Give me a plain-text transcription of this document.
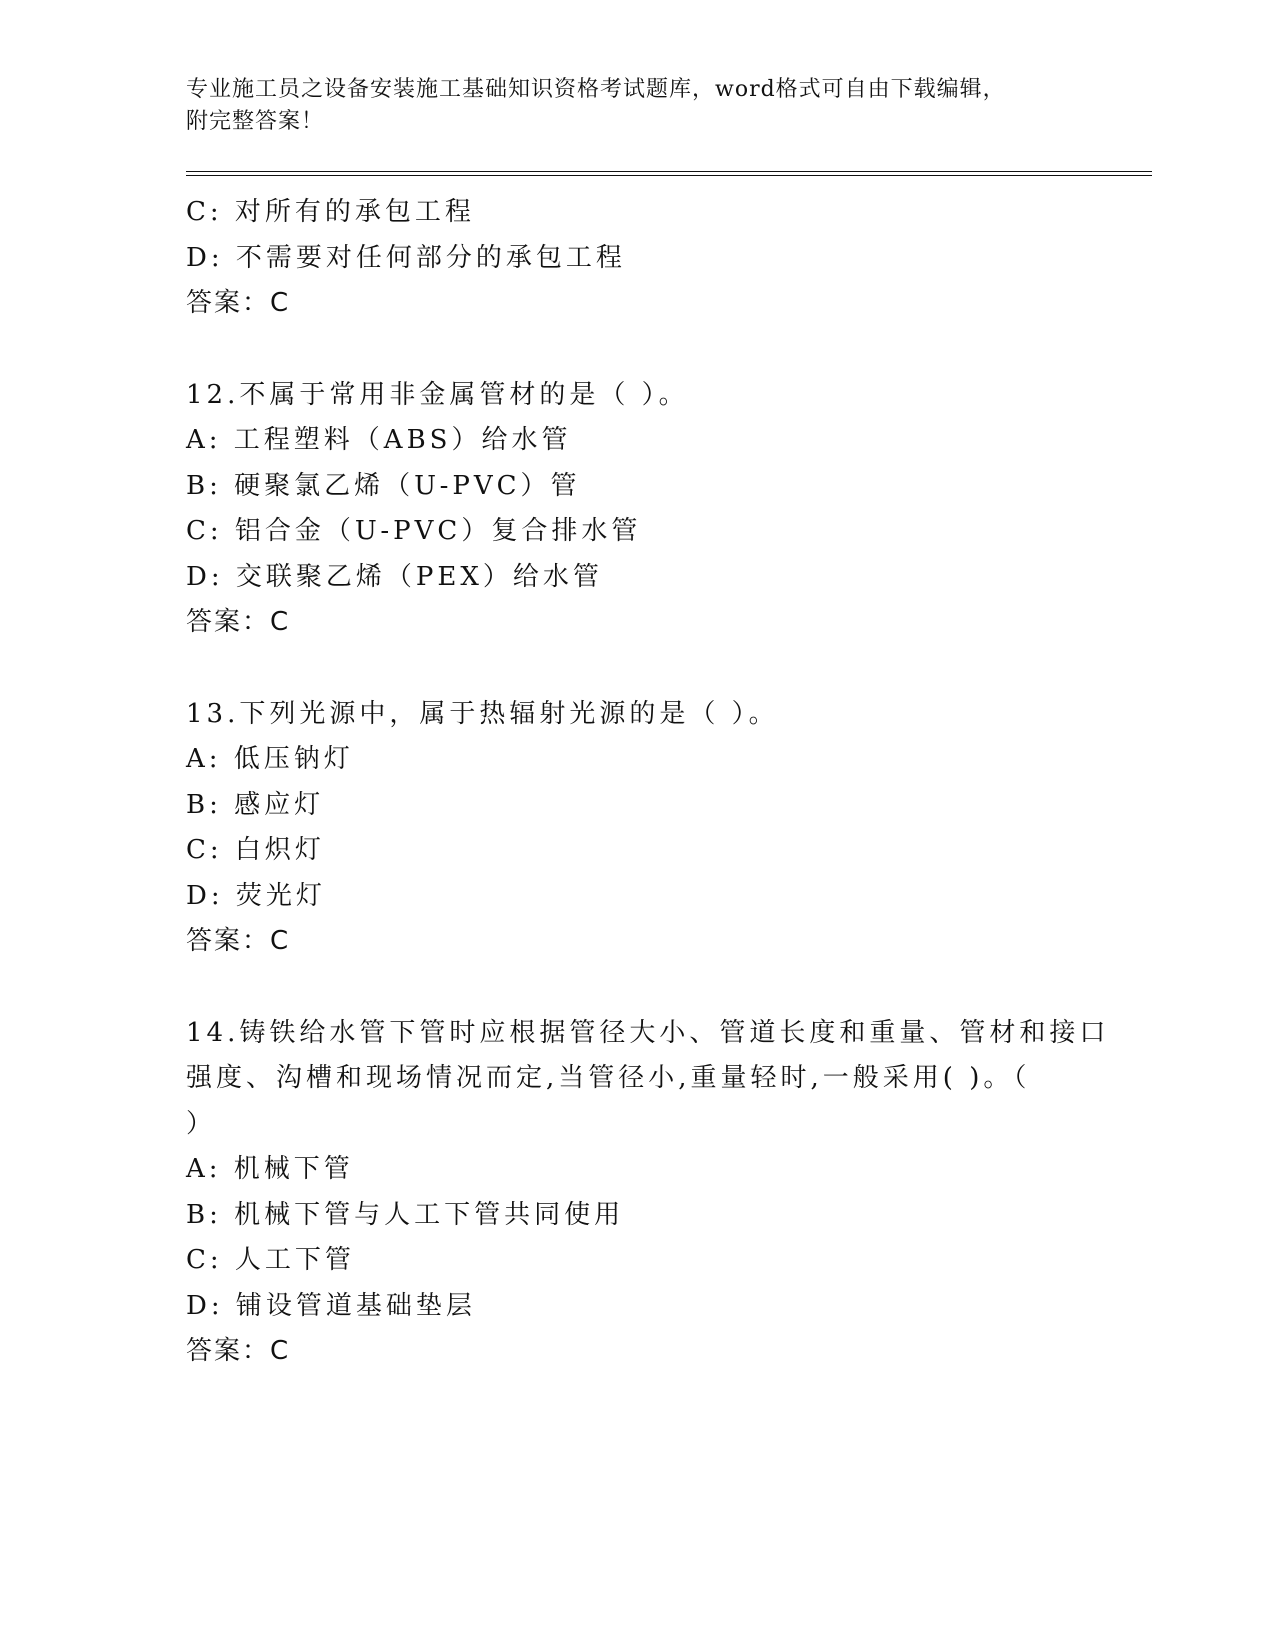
专业施工员之设备安装施工基础知识资格考试题库，word格式可自由下载编辑，
附完整答案！
C: 对所有的承包工程
D: 不需要对任何部分的承包工程
答案：C
12.不属于常用非金属管材的是（ ）。
A: 工程塑料（ABS）给水管
B: 硬聚氯乙烯（U-PVC）管
C: 铝合金（U-PVC）复合排水管
D: 交联聚乙烯（PEX）给水管
答案：C
13.下列光源中，属于热辐射光源的是（ ）。
A: 低压钠灯
B: 感应灯
C: 白炽灯
D: 荧光灯
答案：C
14.铸铁给水管下管时应根据管径大小、管道长度和重量、管材和接口
强度、沟槽和现场情况而定,当管径小,重量轻时,一般采用( )。（
）
A: 机械下管
B: 机械下管与人工下管共同使用
C: 人工下管
D: 铺设管道基础垫层
答案：C
